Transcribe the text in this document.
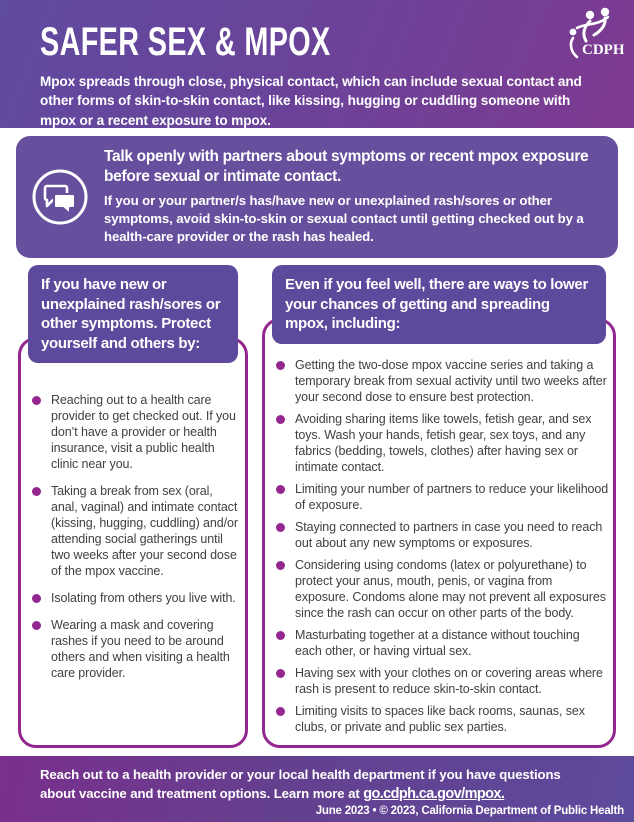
SAFER SEX & MPOX

Mpox spreads through close, physical contact, which can include sexual contact and other forms of skin-to-skin contact, like kissing, hugging or cuddling someone with mpox or a recent exposure to mpox.

CDPH

Talk openly with partners about symptoms or recent mpox exposure before sexual or intimate contact.

If you or your partner/s has/have new or unexplained rash/sores or other symptoms, avoid skin-to-skin or sexual contact until getting checked out by a health-care provider or the rash has healed.

If you have new or unexplained rash/sores or other symptoms. Protect yourself and others by:
Reaching out to a health care provider to get checked out. If you don’t have a provider or health insurance, visit a public health clinic near you.
Taking a break from sex (oral, anal, vaginal) and intimate contact (kissing, hugging, cuddling) and/or attending social gatherings until two weeks after your second dose of the mpox vaccine.
Isolating from others you live with.
Wearing a mask and covering rashes if you need to be around others and when visiting a health care provider.
Even if you feel well, there are ways to lower your chances of getting and spreading mpox, including:
Getting the two-dose mpox vaccine series and taking a temporary break from sexual activity until two weeks after your second dose to ensure best protection.
Avoiding sharing items like towels, fetish gear, and sex toys. Wash your hands, fetish gear, sex toys, and any fabrics (bedding, towels, clothes) after having sex or intimate contact.
Limiting your number of partners to reduce your likelihood of exposure.
Staying connected to partners in case you need to reach out about any new symptoms or exposures.
Considering using condoms (latex or polyurethane) to protect your anus, mouth, penis, or vagina from exposure. Condoms alone may not prevent all exposures since the rash can occur on other parts of the body.
Masturbating together at a distance without touching each other, or having virtual sex.
Having sex with your clothes on or covering areas where rash is present to reduce skin-to-skin contact.
Limiting visits to spaces like back rooms, saunas, sex clubs, or private and public sex parties.

Reach out to a health provider or your local health department if you have questions about vaccine and treatment options. Learn more at go.cdph.ca.gov/mpox.

June 2023 • © 2023, California Department of Public Health
